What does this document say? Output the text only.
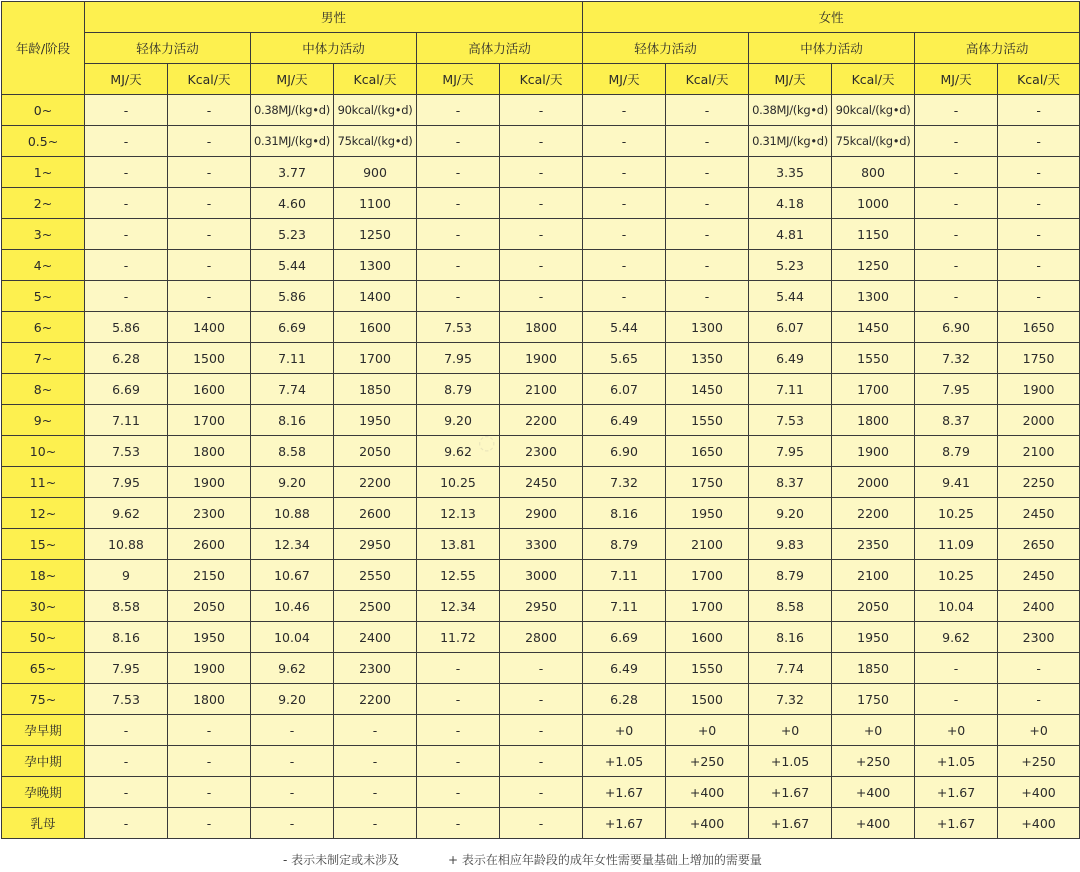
年龄/阶段	男性						女性					
	轻体力活动		中体力活动		高体力活动		轻体力活动		中体力活动		高体力活动	
	MJ/天	Kcal/天	MJ/天	Kcal/天	MJ/天	Kcal/天	MJ/天	Kcal/天	MJ/天	Kcal/天	MJ/天	Kcal/天
0~	-	-	0.38MJ/(kg•d)	90kcal/(kg•d)	-	-	-	-	0.38MJ/(kg•d)	90kcal/(kg•d)	-	-
0.5~	-	-	0.31MJ/(kg•d)	75kcal/(kg•d)	-	-	-	-	0.31MJ/(kg•d)	75kcal/(kg•d)	-	-
1~	-	-	3.77	900	-	-	-	-	3.35	800	-	-
2~	-	-	4.60	1100	-	-	-	-	4.18	1000	-	-
3~	-	-	5.23	1250	-	-	-	-	4.81	1150	-	-
4~	-	-	5.44	1300	-	-	-	-	5.23	1250	-	-
5~	-	-	5.86	1400	-	-	-	-	5.44	1300	-	-
6~	5.86	1400	6.69	1600	7.53	1800	5.44	1300	6.07	1450	6.90	1650
7~	6.28	1500	7.11	1700	7.95	1900	5.65	1350	6.49	1550	7.32	1750
8~	6.69	1600	7.74	1850	8.79	2100	6.07	1450	7.11	1700	7.95	1900
9~	7.11	1700	8.16	1950	9.20	2200	6.49	1550	7.53	1800	8.37	2000
10~	7.53	1800	8.58	2050	9.62	2300	6.90	1650	7.95	1900	8.79	2100
11~	7.95	1900	9.20	2200	10.25	2450	7.32	1750	8.37	2000	9.41	2250
12~	9.62	2300	10.88	2600	12.13	2900	8.16	1950	9.20	2200	10.25	2450
15~	10.88	2600	12.34	2950	13.81	3300	8.79	2100	9.83	2350	11.09	2650
18~	9	2150	10.67	2550	12.55	3000	7.11	1700	8.79	2100	10.25	2450
30~	8.58	2050	10.46	2500	12.34	2950	7.11	1700	8.58	2050	10.04	2400
50~	8.16	1950	10.04	2400	11.72	2800	6.69	1600	8.16	1950	9.62	2300
65~	7.95	1900	9.62	2300	-	-	6.49	1550	7.74	1850	-	-
75~	7.53	1800	9.20	2200	-	-	6.28	1500	7.32	1750	-	-
孕早期	-	-	-	-	-	-	+0	+0	+0	+0	+0	+0
孕中期	-	-	-	-	-	-	+1.05	+250	+1.05	+250	+1.05	+250
孕晚期	-	-	-	-	-	-	+1.67	+400	+1.67	+400	+1.67	+400
乳母	-	-	-	-	-	-	+1.67	+400	+1.67	+400	+1.67	+400
◌
- 表示未制定或未涉及	+ 表示在相应年龄段的成年女性需要量基础上增加的需要量
